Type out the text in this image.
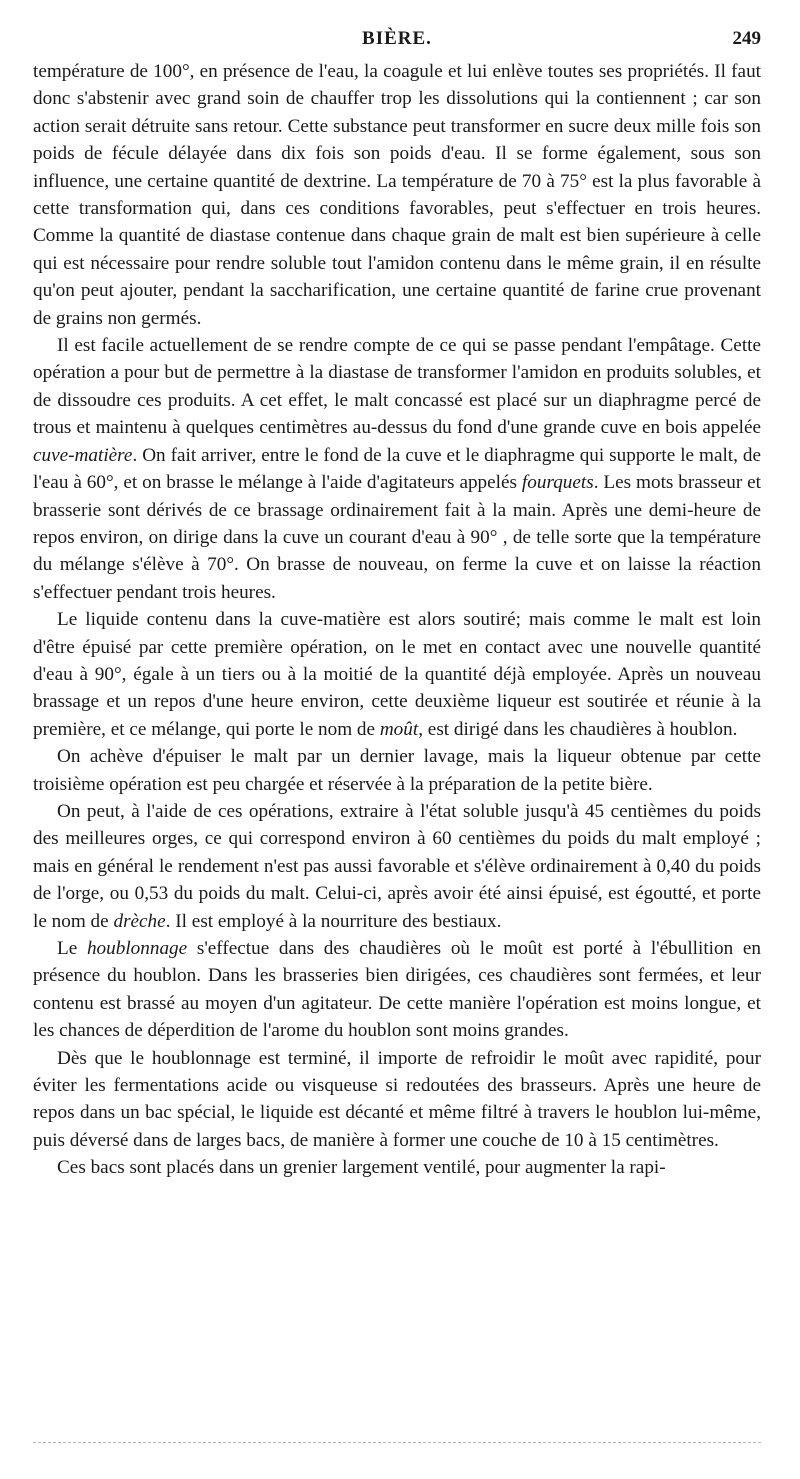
BIÈRE.	249

température de 100°, en présence de l'eau, la coagule et lui enlève toutes ses propriétés. Il faut donc s'abstenir avec grand soin de chauffer trop les dissolutions qui la contiennent ; car son action serait détruite sans retour. Cette substance peut transformer en sucre deux mille fois son poids de fécule délayée dans dix fois son poids d'eau. Il se forme également, sous son influence, une certaine quantité de dextrine. La température de 70 à 75° est la plus favorable à cette transformation qui, dans ces conditions favorables, peut s'effectuer en trois heures. Comme la quantité de diastase contenue dans chaque grain de malt est bien supérieure à celle qui est nécessaire pour rendre soluble tout l'amidon contenu dans le même grain, il en résulte qu'on peut ajouter, pendant la saccharification, une certaine quantité de farine crue provenant de grains non germés.

Il est facile actuellement de se rendre compte de ce qui se passe pendant l'empâtage. Cette opération a pour but de permettre à la diastase de transformer l'amidon en produits solubles, et de dissoudre ces produits. A cet effet, le malt concassé est placé sur un diaphragme percé de trous et maintenu à quelques centimètres au-dessus du fond d'une grande cuve en bois appelée cuve-matière. On fait arriver, entre le fond de la cuve et le diaphragme qui supporte le malt, de l'eau à 60°, et on brasse le mélange à l'aide d'agitateurs appelés fourquets. Les mots brasseur et brasserie sont dérivés de ce brassage ordinairement fait à la main. Après une demi-heure de repos environ, on dirige dans la cuve un courant d'eau à 90° , de telle sorte que la température du mélange s'élève à 70°. On brasse de nouveau, on ferme la cuve et on laisse la réaction s'effectuer pendant trois heures.

Le liquide contenu dans la cuve-matière est alors soutiré; mais comme le malt est loin d'être épuisé par cette première opération, on le met en contact avec une nouvelle quantité d'eau à 90°, égale à un tiers ou à la moitié de la quantité déjà employée. Après un nouveau brassage et un repos d'une heure environ, cette deuxième liqueur est soutirée et réunie à la première, et ce mélange, qui porte le nom de moût, est dirigé dans les chaudières à houblon.

On achève d'épuiser le malt par un dernier lavage, mais la liqueur obtenue par cette troisième opération est peu chargée et réservée à la préparation de la petite bière.

On peut, à l'aide de ces opérations, extraire à l'état soluble jusqu'à 45 centièmes du poids des meilleures orges, ce qui correspond environ à 60 centièmes du poids du malt employé ; mais en général le rendement n'est pas aussi favorable et s'élève ordinairement à 0,40 du poids de l'orge, ou 0,53 du poids du malt. Celui-ci, après avoir été ainsi épuisé, est égoutté, et porte le nom de drèche. Il est employé à la nourriture des bestiaux.

Le houblonnage s'effectue dans des chaudières où le moût est porté à l'ébullition en présence du houblon. Dans les brasseries bien dirigées, ces chaudières sont fermées, et leur contenu est brassé au moyen d'un agitateur. De cette manière l'opération est moins longue, et les chances de déperdition de l'arome du houblon sont moins grandes.

Dès que le houblonnage est terminé, il importe de refroidir le moût avec rapidité, pour éviter les fermentations acide ou visqueuse si redoutées des brasseurs. Après une heure de repos dans un bac spécial, le liquide est décanté et même filtré à travers le houblon lui-même, puis déversé dans de larges bacs, de manière à former une couche de 10 à 15 centimètres.

Ces bacs sont placés dans un grenier largement ventilé, pour augmenter la rapi-
